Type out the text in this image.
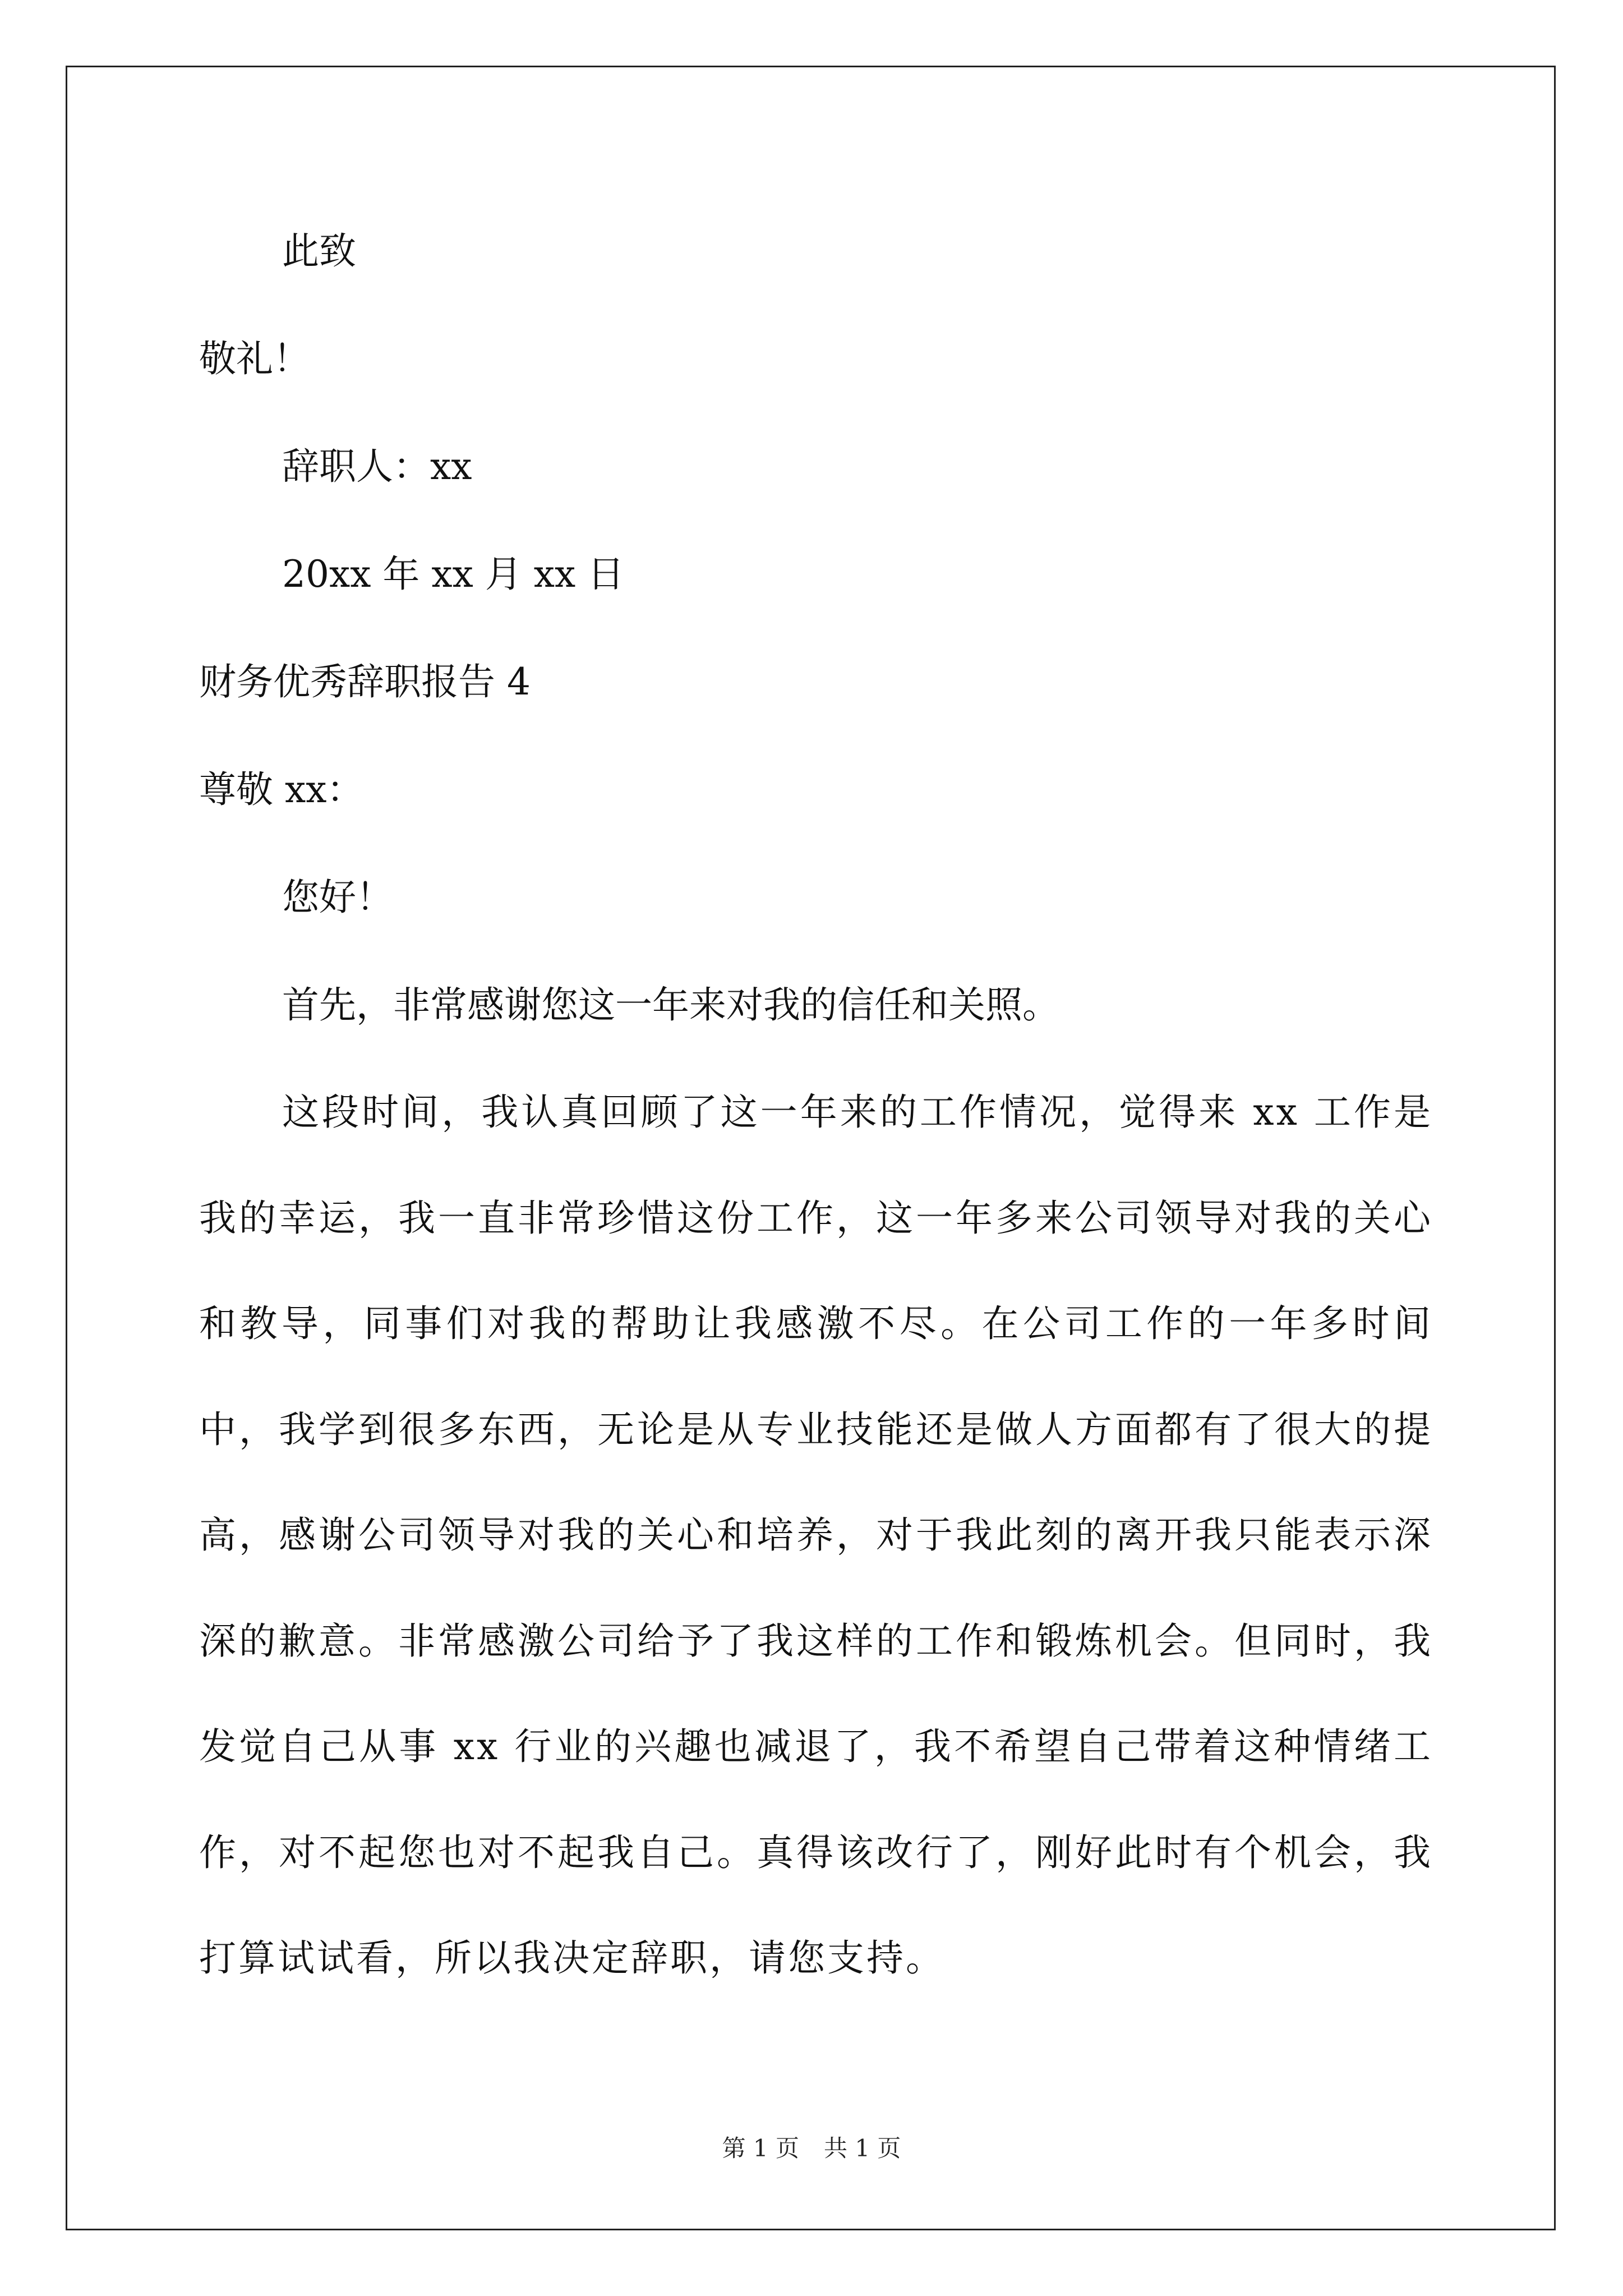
此致
敬礼！
辞职人：xx
20xx 年 xx 月 xx 日
财务优秀辞职报告 4
尊敬 xx：
您好！
首先，非常感谢您这一年来对我的信任和关照。

这段时间，我认真回顾了这一年来的工作情况，觉得来 xx 工作是我的幸运，我一直非常珍惜这份工作，这一年多来公司领导对我的关心和教导，同事们对我的帮助让我感激不尽。在公司工作的一年多时间中，我学到很多东西，无论是从专业技能还是做人方面都有了很大的提高，感谢公司领导对我的关心和培养，对于我此刻的离开我只能表示深深的歉意。非常感激公司给予了我这样的工作和锻炼机会。但同时，我发觉自己从事 xx 行业的兴趣也减退了，我不希望自己带着这种情绪工作，对不起您也对不起我自己。真得该改行了，刚好此时有个机会，我打算试试看，所以我决定辞职，请您支持。

第 1 页 共 1 页
